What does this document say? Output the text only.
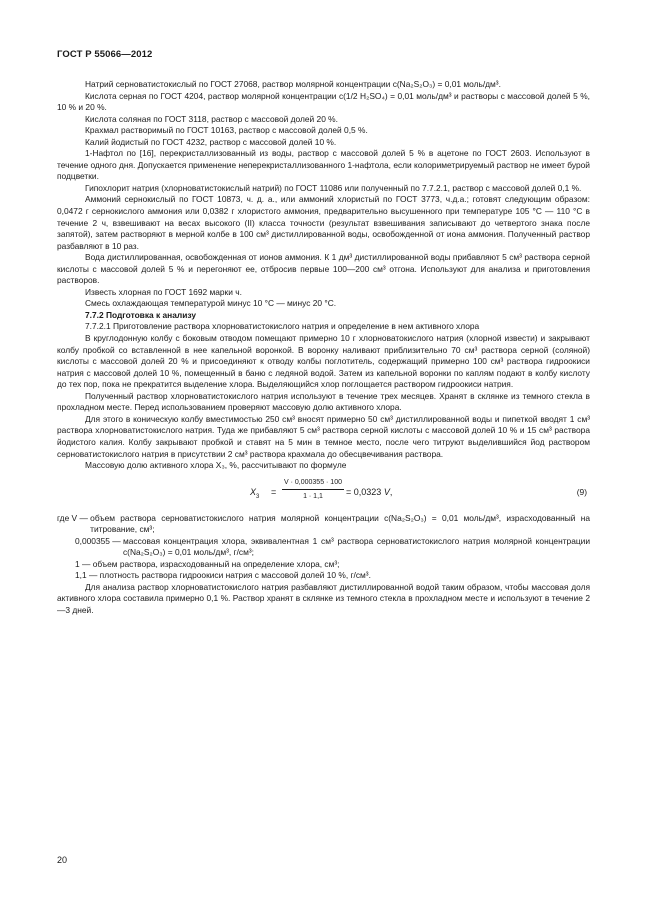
ГОСТ Р 55066—2012

Натрий серноватистокислый по ГОСТ 27068, раствор молярной концентрации c(Na₂S₂O₃) = 0,01 моль/дм³.

Кислота серная по ГОСТ 4204, раствор молярной концентрации c(1/2 H₂SO₄) = 0,01 моль/дм³ и растворы с массовой долей 5 %, 10 % и 20 %.

Кислота соляная по ГОСТ 3118, раствор с массовой долей 20 %.

Крахмал растворимый по ГОСТ 10163, раствор с массовой долей 0,5 %.

Калий йодистый по ГОСТ 4232, раствор с массовой долей 10 %.

1-Нафтол по [16], перекристаллизованный из воды, раствор с массовой долей 5 % в ацетоне по ГОСТ 2603. Используют в течение одного дня. Допускается применение неперекристаллизованного 1-нафтола, если колориметрируемый раствор не имеет бурой подцветки.

Гипохлорит натрия (хлорноватистокислый натрий) по ГОСТ 11086 или полученный по 7.7.2.1, раствор с массовой долей 0,1 %.

Аммоний сернокислый по ГОСТ 10873, ч. д. а., или аммоний хлористый по ГОСТ 3773, ч.д.а.; готовят следующим образом: 0,0472 г сернокислого аммония или 0,0382 г хлористого аммония, предварительно высушенного при температуре 105 °С — 110 °С в течение 2 ч, взвешивают на весах высокого (II) класса точности (результат взвешивания записывают до четвертого знака после запятой), затем растворяют в мерной колбе в 100 см³ дистиллированной воды, освобожденной от иона аммония. Полученный раствор разбавляют в 10 раз.

Вода дистиллированная, освобожденная от ионов аммония. К 1 дм³ дистиллированной воды прибавляют 5 см³ раствора серной кислоты с массовой долей 5 % и перегоняют ее, отбросив первые 100—200 см³ отгона. Используют для анализа и приготовления растворов.

Известь хлорная по ГОСТ 1692 марки ч.

Смесь охлаждающая температурой минус 10 °С — минус 20 °С.

7.7.2 Подготовка к анализу

7.7.2.1 Приготовление раствора хлорноватистокислого натрия и определение в нем активного хлора

В круглодонную колбу с боковым отводом помещают примерно 10 г хлорноватокислого натрия (хлорной извести) и закрывают колбу пробкой со вставленной в нее капельной воронкой. В воронку наливают приблизительно 70 см³ раствора серной (соляной) кислоты с массовой долей 20 % и присоединяют к отводу колбы поглотитель, содержащий примерно 100 см³ раствора гидроокиси натрия с массовой долей 10 %, помещенный в баню с ледяной водой. Затем из капельной воронки по каплям подают в колбу кислоту до тех пор, пока не прекратится выделение хлора. Выделяющийся хлор поглощается раствором гидроокиси натрия.

Полученный раствор хлорноватистокислого натрия используют в течение трех месяцев. Хранят в склянке из темного стекла в прохладном месте. Перед использованием проверяют массовую долю активного хлора.

Для этого в коническую колбу вместимостью 250 см³ вносят примерно 50 см³ дистиллированной воды и пипеткой вводят 1 см³ раствора хлорноватистокислого натрия. Туда же прибавляют 5 см³ раствора серной кислоты с массовой долей 10 % и 15 см³ раствора йодистого калия. Колбу закрывают пробкой и ставят на 5 мин в темное место, после чего титруют выделившийся йод раствором серноватистокислого натрия в присутствии 2 см³ раствора крахмала до обесцвечивания раствора.

Массовую долю активного хлора X₃, %, рассчитывают по формуле

$X_3 = \frac{V \cdot 0,000355 \cdot 100}{1 \cdot 1,1} = 0,0323$ V,	(9)
где V — объем раствора серноватистокислого натрия молярной концентрации c(Na₂S₂O₃) = 0,01 моль/дм³, израсходованный на титрование, см³;
0,000355 — массовая концентрация хлора, эквивалентная 1 см³ раствора серноватистокислого натрия молярной концентрации c(Na₂S₂O₃) = 0,01 моль/дм³, г/см³;
1 — объем раствора, израсходованный на определение хлора, см³;
1,1 — плотность раствора гидроокиси натрия с массовой долей 10 %, г/см³.

Для анализа раствор хлорноватистокислого натрия разбавляют дистиллированной водой таким образом, чтобы массовая доля активного хлора составила примерно 0,1 %. Раствор хранят в склянке из темного стекла в прохладном месте и используют в течение 2—3 дней.

20
